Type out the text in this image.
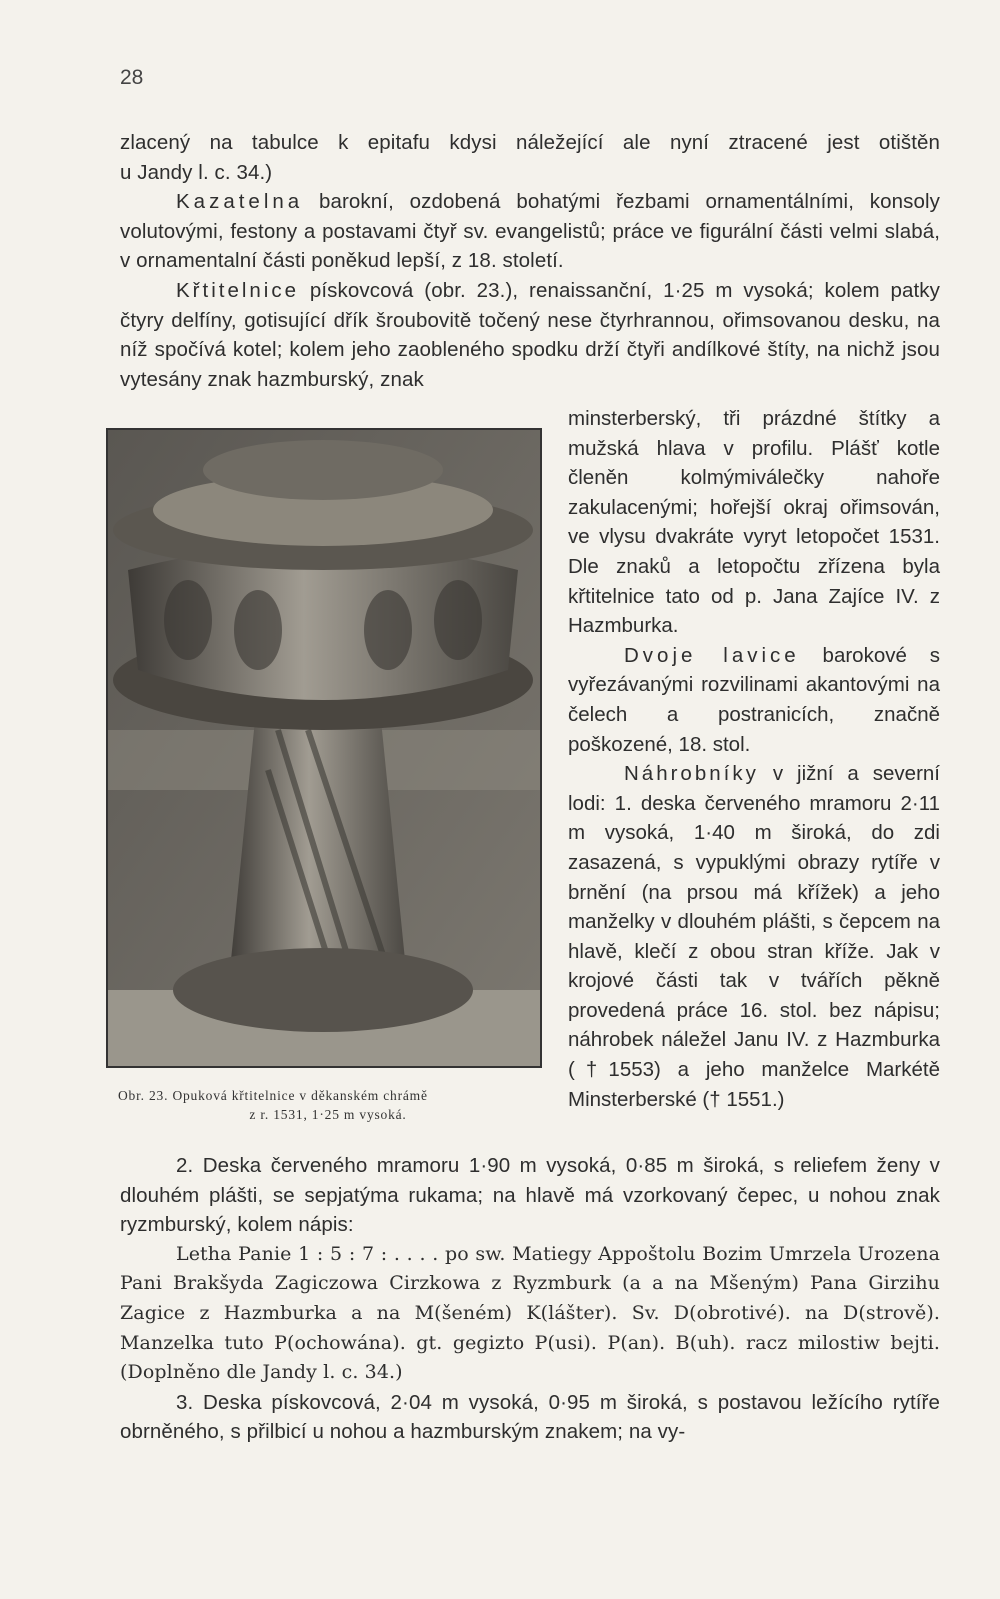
28

zlacený na tabulce k epitafu kdysi náležející ale nyní ztracené jest otištěn

u Jandy l. c. 34.)

Kazatelna barokní, ozdobená bohatými řezbami ornamentálními, konsoly volutovými, festony a postavami čtyř sv. evangelistů; práce ve figurální části velmi slabá, v ornamentalní části poněkud lepší, z 18. století.

Křtitelnice pískovcová (obr. 23.), renaissanční, 1·25 m vysoká; kolem patky čtyry delfíny, gotisující dřík šroubovitě točený nese čtyrhrannou, ořimsovanou desku, na níž spočívá kotel; kolem jeho zaobleného spodku drží čtyři andílkové štíty, na nichž jsou vytesány znak hazmburský, znak

minsterberský, tři prázdné štítky a mužská hlava v profilu. Plášť kotle členěn kolmýmiválečky nahoře zakulacenými; hořejší okraj ořimsován, ve vlysu dvakráte vyryt letopočet 1531. Dle znaků a letopočtu zřízena byla křtitelnice tato od p. Jana Zajíce IV. z Hazmburka.

Dvoje lavice barokové s vyřezávanými rozvilinami akantovými na čelech a postranicích, značně poškozené, 18. stol.

Náhrobníky v jižní a severní lodi: 1. deska červeného mramoru 2·11 m vysoká, 1·40 m široká, do zdi zasazená, s vypuklými obrazy rytíře v brnění (na prsou má křížek) a jeho manželky v dlouhém plášti, s čepcem na hlavě, klečí z obou stran kříže. Jak v krojové části tak v tvářích pěkně provedená práce 16. stol. bez nápisu; náhrobek náležel Janu IV. z Hazmburka (†1553) a jeho manželce Markétě Minsterberské († 1551.)

Obr. 23. Opuková křtitelnice v děkanském chrámě
z r. 1531, 1·25 m vysoká.

2. Deska červeného mramoru 1·90 m vysoká, 0·85 m široká, s reliefem ženy v dlouhém plášti, se sepjatýma rukama; na hlavě má vzorkovaný čepec, u nohou znak ryzmburský, kolem nápis:

Letha Panie 1 : 5 : 7 : . . . . po sw. Matiegy Appoštolu Bozim Umrzela Urozena Pani Brakšyda Zagiczowa Cirzkowa z Ryzmburk (a a na Mšeným) Pana Girzihu Zagice z Hazmburka a na M(šeném) K(lášter). Sv. D(obrotivé). na D(strově). Manzelka tuto P(ochowána). gt. gegizto P(usi). P(an). B(uh). racz milostiw bejti. (Doplněno dle Jandy l. c. 34.)

3. Deska pískovcová, 2·04 m vysoká, 0·95 m široká, s postavou ležícího rytíře obrněného, s přilbicí u nohou a hazmburským znakem; na vy-
